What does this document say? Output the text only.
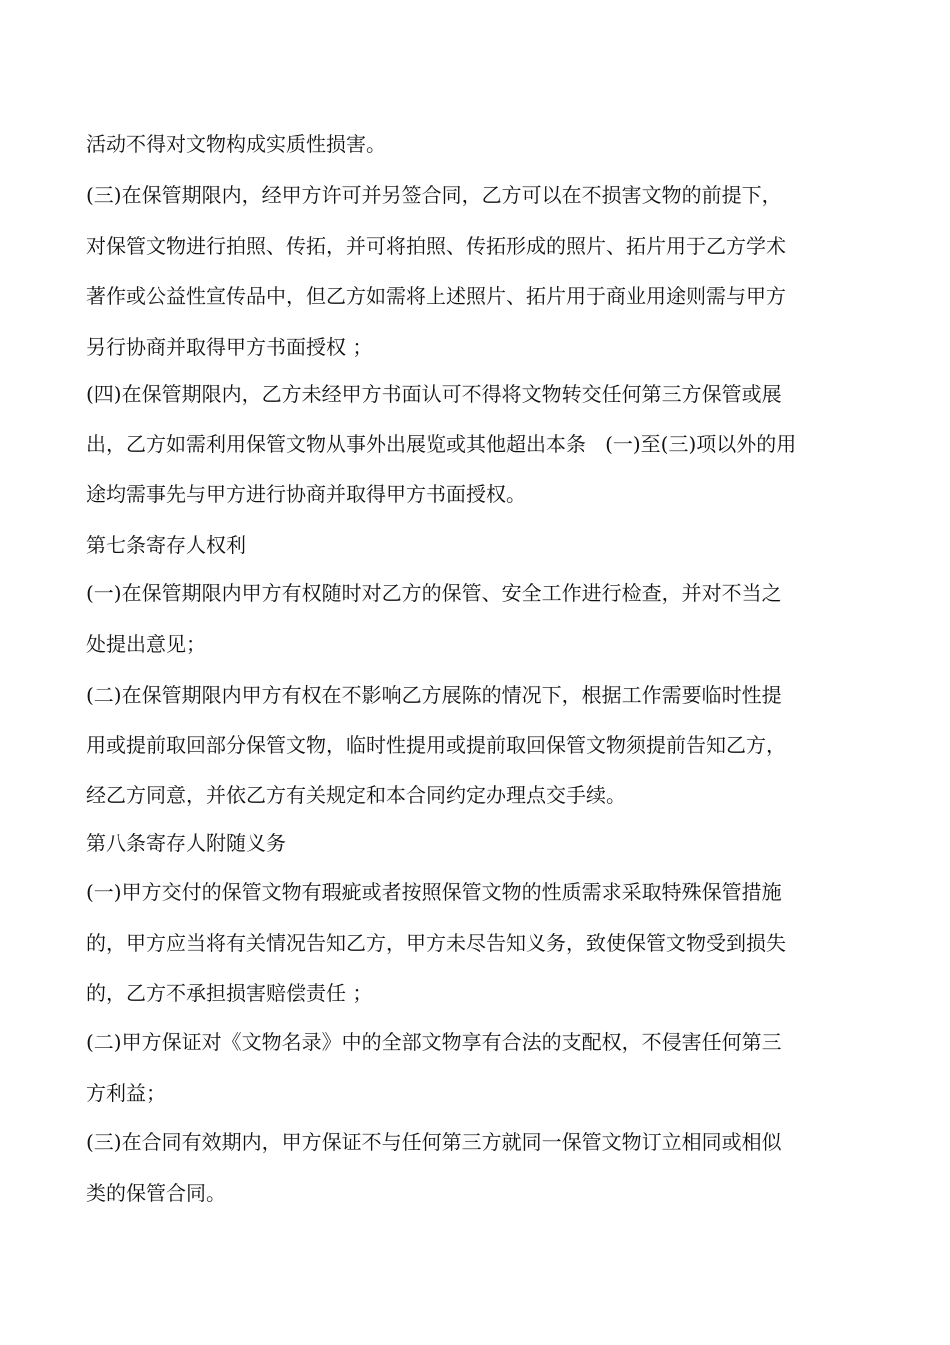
活动不得对文物构成实质性损害。

(三)在保管期限内，经甲方许可并另签合同，乙方可以在不损害文物的前提下，

对保管文物进行拍照、传拓，并可将拍照、传拓形成的照片、拓片用于乙方学术

著作或公益性宣传品中，但乙方如需将上述照片、拓片用于商业用途则需与甲方

另行协商并取得甲方书面授权 ；

(四)在保管期限内，乙方未经甲方书面认可不得将文物转交任何第三方保管或展

出，乙方如需利用保管文物从事外出展览或其他超出本条   (一)至(三)项以外的用

途均需事先与甲方进行协商并取得甲方书面授权。

第七条寄存人权利

(一)在保管期限内甲方有权随时对乙方的保管、安全工作进行检查，并对不当之

处提出意见；

(二)在保管期限内甲方有权在不影响乙方展陈的情况下，根据工作需要临时性提

用或提前取回部分保管文物，临时性提用或提前取回保管文物须提前告知乙方，

经乙方同意，并依乙方有关规定和本合同约定办理点交手续。

第八条寄存人附随义务

(一)甲方交付的保管文物有瑕疵或者按照保管文物的性质需求采取特殊保管措施

的，甲方应当将有关情况告知乙方，甲方未尽告知义务，致使保管文物受到损失

的，乙方不承担损害赔偿责任 ；

(二)甲方保证对《文物名录》中的全部文物享有合法的支配权，不侵害任何第三

方利益；

(三)在合同有效期内，甲方保证不与任何第三方就同一保管文物订立相同或相似

类的保管合同。
